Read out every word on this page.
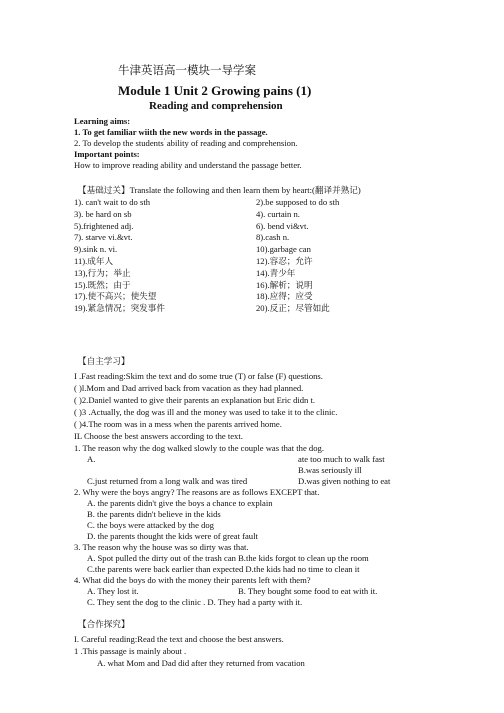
牛津英语高一模块一导学案
Module 1 Unit 2 Growing pains (1)
Reading and comprehension
Learning aims:
1. To get familiar wiith the new words in the passage.
2. To develop the students' ability of reading and comprehension.
Important points:
How to improve reading ability and understand the passage better.
【基础过关】Translate the following and then learn them by heart:(翻译并熟记)
1). can't wait to do sth	2).be supposed to do sth
3). be hard on sb	4). curtain n.
5).frightened adj.	6). bend vi&vt.
7). starve vi.&vt.	8).cash n.
9).sink n. vi.	10).garbage can
11).成年人	12).容忍；允许
13),行为；举止	14).青少年
15).既然；由于	16).解析；说明
17).使不高兴；使失望	18).应得；应受
19).紧急情况；突发事件	20).反正；尽管如此
【自主学习】
I .Fast reading:Skim the text and do some true (T) or false (F) questions.
( )l.Mom and Dad arrived back from vacation as they had planned.
( )2.Daniel wanted to give their parents an explanation but Eric didn t.
( )3 .Actually, the dog was ill and the money was used to take it to the clinic.
( )4.The room was in a mess when the parents arrived home.
IL Choose the best answers according to the text.
1. The reason why the dog walked slowly to the couple was that the dog.
A.	ate too much to walk fast
B.was seriously ill
C.just returned from a long walk and was tired	D.was given nothing to eat
2. Why were the boys angry? The reasons are as follows EXCEPT that.
A. the parents didn't give the boys a chance to explain
B. the parents didn't believe in the kids
C. the boys were attacked by the dog
D. the parents thought the kids were of great fault
3. The reason why the house was so dirty was that.
A. Spot pulled the dirty out of the trash can B.the kids forgot to clean up the room
C.the parents were back earlier than expected D.the kids had no time to clean it
4. What did the boys do with the money their parents left with them?
A. They lost it.	B. They bought some food to eat with it.
C. They sent the dog to the clinic . D. They had a party with it.
【合作探究】
I. Careful reading:Read the text and choose the best answers.
1 .This passage is mainly about .
A. what Mom and Dad did after they returned from vacation
